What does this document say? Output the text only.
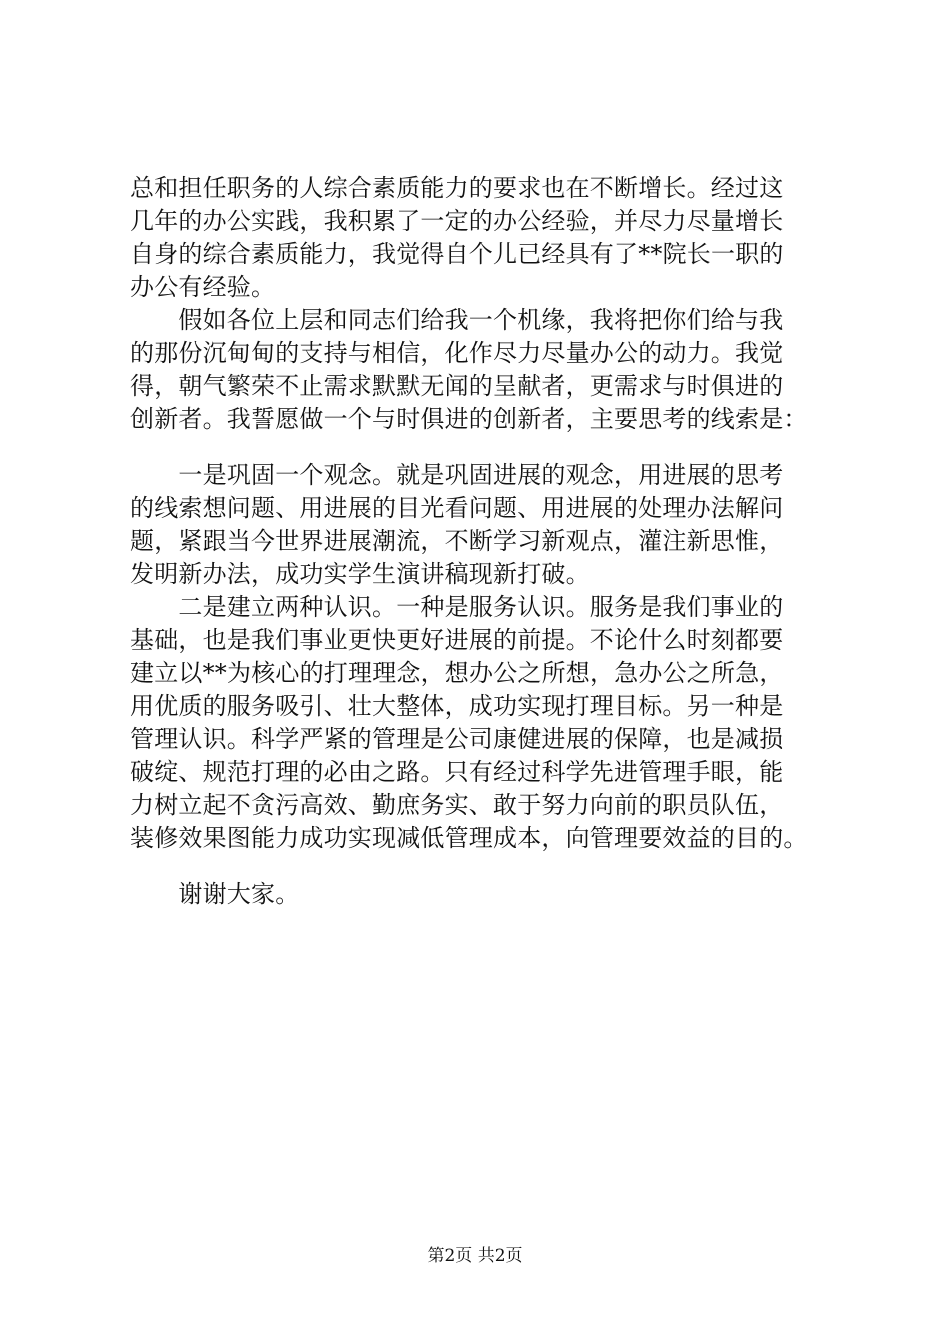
总和担任职务的人综合素质能力的要求也在不断增长。经过这
几年的办公实践，我积累了一定的办公经验，并尽力尽量增长
自身的综合素质能力，我觉得自个儿已经具有了**院长一职的
办公有经验。
　　假如各位上层和同志们给我一个机缘，我将把你们给与我
的那份沉甸甸的支持与相信，化作尽力尽量办公的动力。我觉
得，朝气繁荣不止需求默默无闻的呈献者，更需求与时俱进的
创新者。我誓愿做一个与时俱进的创新者，主要思考的线索是：
　　一是巩固一个观念。就是巩固进展的观念，用进展的思考
的线索想问题、用进展的目光看问题、用进展的处理办法解问
题，紧跟当今世界进展潮流，不断学习新观点，灌注新思惟，
发明新办法，成功实学生演讲稿现新打破。
　　二是建立两种认识。一种是服务认识。服务是我们事业的
基础，也是我们事业更快更好进展的前提。不论什么时刻都要
建立以**为核心的打理理念，想办公之所想，急办公之所急，
用优质的服务吸引、壮大整体，成功实现打理目标。另一种是
管理认识。科学严紧的管理是公司康健进展的保障，也是减损
破绽、规范打理的必由之路。只有经过科学先进管理手眼，能
力树立起不贪污高效、勤庶务实、敢于努力向前的职员队伍，
装修效果图能力成功实现减低管理成本，向管理要效益的目的。
　　谢谢大家。
第2页 共2页
